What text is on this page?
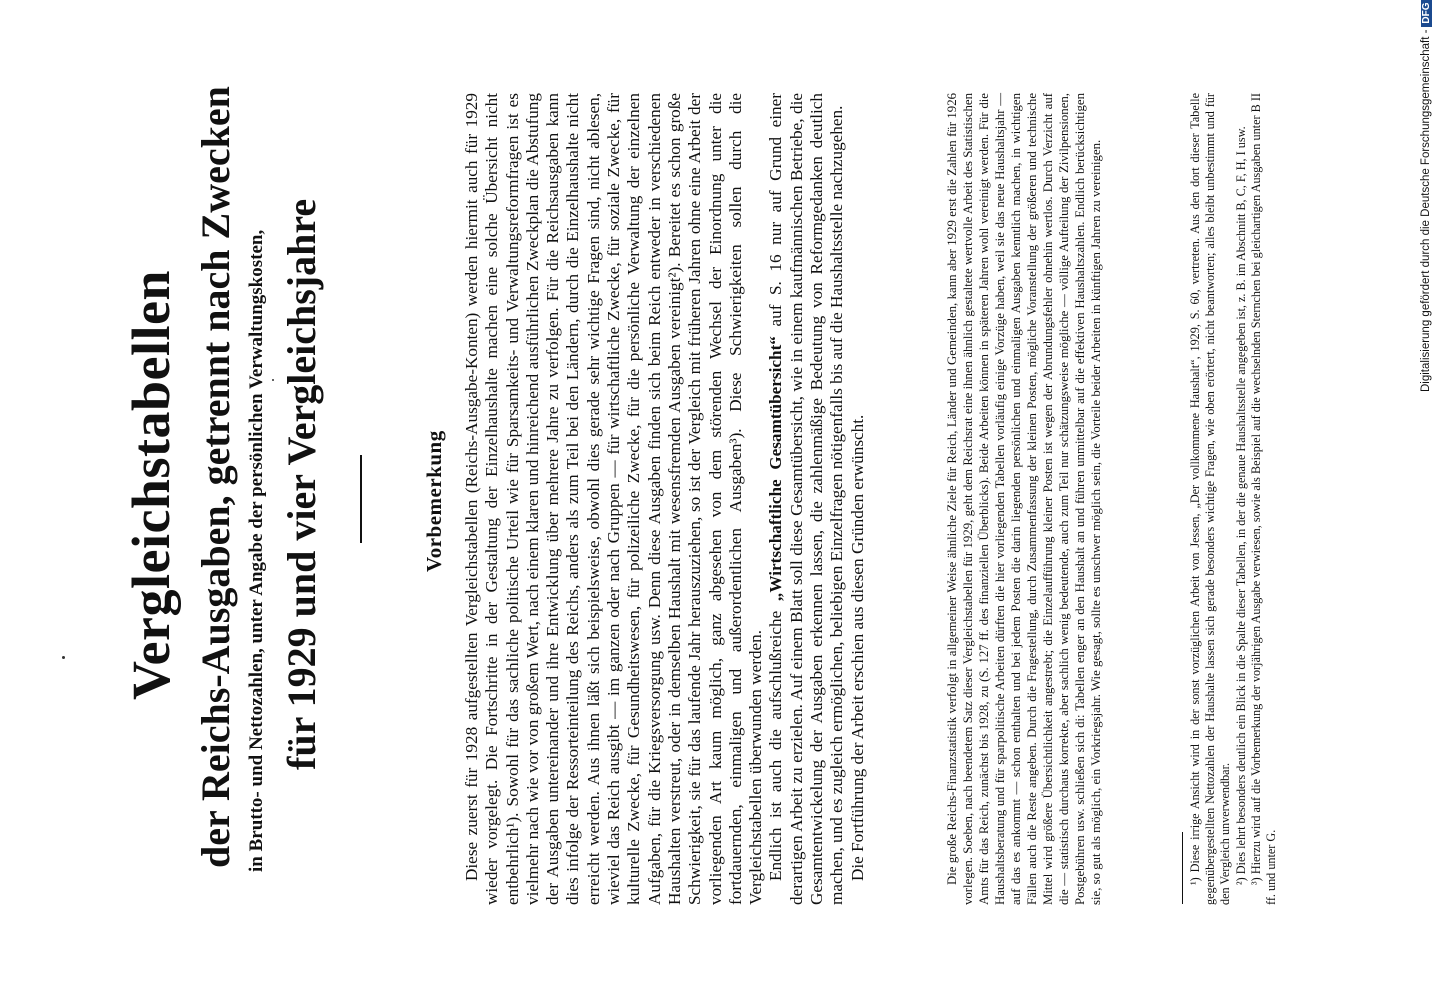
Vergleichstabellen der Reichs-Ausgaben, getrennt nach Zwecken in Brutto- und Nettozahlen, unter Angabe der persönlichen Verwaltungskosten, für 1929 und vier Vergleichsjahre	Vorbemerkung Diese zuerst für 1928 aufgestellten Vergleichstabellen (Reichs-Ausgabe-Konten) werden hiermit auch für 1929 wieder vorgelegt. Die Fortschritte in der Gestaltung der Einzelhaushalte machen eine solche Übersicht nicht entbehrlich¹). Sowohl für das sachliche politische Urteil wie für Sparsamkeits- und Verwaltungsreformfragen ist es vielmehr nach wie vor von großem Wert, nach einem klaren und hinreichend ausführlichen Zweckplan die Abstufung der Ausgaben untereinander und ihre Entwicklung über mehrere Jahre zu verfolgen. Für die Reichsausgaben kann dies infolge der Ressorteinteilung des Reichs, anders als zum Teil bei den Ländern, durch die Einzelhaushalte nicht erreicht werden. Aus ihnen läßt sich beispielsweise, obwohl dies gerade sehr wichtige Fragen sind, nicht ablesen, wieviel das Reich ausgibt — im ganzen oder nach Gruppen — für wirtschaftliche Zwecke, für soziale Zwecke, für kulturelle Zwecke, für Gesundheitswesen, für polizeiliche Zwecke, für die persönliche Verwaltung der einzelnen Aufgaben, für die Kriegsversorgung usw. Denn diese Ausgaben finden sich beim Reich entweder in verschiedenen Haushalten verstreut, oder in demselben Haushalt mit wesensfremden Ausgaben vereinigt²). Bereitet es schon große Schwierigkeit, sie für das laufende Jahr herauszuziehen, so ist der Vergleich mit früheren Jahren ohne eine Arbeit der vorliegenden Art kaum möglich, ganz abgesehen von dem störenden Wechsel der Einordnung unter die fortdauernden, einmaligen und außerordentlichen Ausgaben³). Diese Schwierigkeiten sollen durch die Vergleichstabellen überwunden werden. Endlich ist auch die aufschlußreiche „Wirtschaftliche Gesamtübersicht“ auf S. 16 nur auf Grund einer derartigen Arbeit zu erzielen. Auf einem Blatt soll diese Gesamtübersicht, wie in einem kaufmännischen Betriebe, die Gesamtentwickelung der Ausgaben erkennen lassen, die zahlenmäßige Bedeutung von Reformgedanken deutlich machen, und es zugleich ermöglichen, beliebigen Einzelfragen nötigenfalls bis auf die Haushaltsstelle nachzugehen. Die Fortführung der Arbeit erschien aus diesen Gründen erwünscht.	Die große Reichs-Finanzstatistik verfolgt in allgemeiner Weise ähnliche Ziele für Reich, Länder und Gemeinden, kann aber 1929 erst die Zahlen für 1926 vorlegen. Soeben, nach beendetem Satz dieser Vergleichstabellen für 1929, geht dem Reichsrat eine ihnen ähnlich gestaltete wertvolle Arbeit des Statistischen Amts für das Reich, zunächst bis 1928, zu (S. 127 ff. des finanziellen Überblicks). Beide Arbeiten können in späteren Jahren wohl vereinigt werden. Für die Haushaltsberatung und für sparpolitische Arbeiten dürften die hier vorliegenden Tabellen vorläufig einige Vorzüge haben, weil sie das neue Haushaltsjahr — auf das es ankommt — schon enthalten und bei jedem Posten die darin liegenden persönlichen und einmaligen Ausgaben kenntlich machen, in wichtigen Fällen auch die Reste angeben. Durch die Fragestellung, durch Zusammenfassung der kleinen Posten, mögliche Voranstellung der größeren und technische Mittel wird größere Übersichtlichkeit angestrebt; die Einzelaufführung kleiner Posten ist wegen der Abrundungsfehler ohnehin wertlos. Durch Verzicht auf die — statistisch durchaus korrekte, aber sachlich wenig bedeutende, auch zum Teil nur schätzungsweise mögliche — völlige Aufteilung der Zivilpensionen, Postgebühren usw. schließen sich di: Tabellen enger an den Haushalt an und führen unmittelbar auf die effektiven Haushaltszahlen. Endlich berücksichtigen sie, so gut als möglich, ein Vorkriegsjahr. Wie gesagt, sollte es unschwer möglich sein, die Vorteile beider Arbeiten in künftigen Jahren zu vereinigen.	¹) Diese irrige Ansicht wird in der sonst vorzüglichen Arbeit von Jessen, „Der vollkommene Haushalt“, 1929, S. 60, vertreten. Aus den dort dieser Tabelle gegenübergestellten Nettozahlen der Haushalte lassen sich gerade besonders wichtige Fragen, wie oben erörtert, nicht beantworten; alles bleibt unbestimmt und für den Vergleich unverwendbar. ²) Dies lehrt besonders deutlich ein Blick in die Spalte dieser Tabellen, in der die genaue Haushaltsstelle angegeben ist, z. B. im Abschnitt B, C, F, H, I usw. ³) Hierzu wird auf die Vorbemerkung der vorjährigen Ausgabe verwiesen, sowie als Beispiel auf die wechselnden Sternchen bei gleichartigen Ausgaben unter B II ff. und unter G.

Digitalisierung gefördert durch die Deutsche Forschungsgemeinschaft -DFG
